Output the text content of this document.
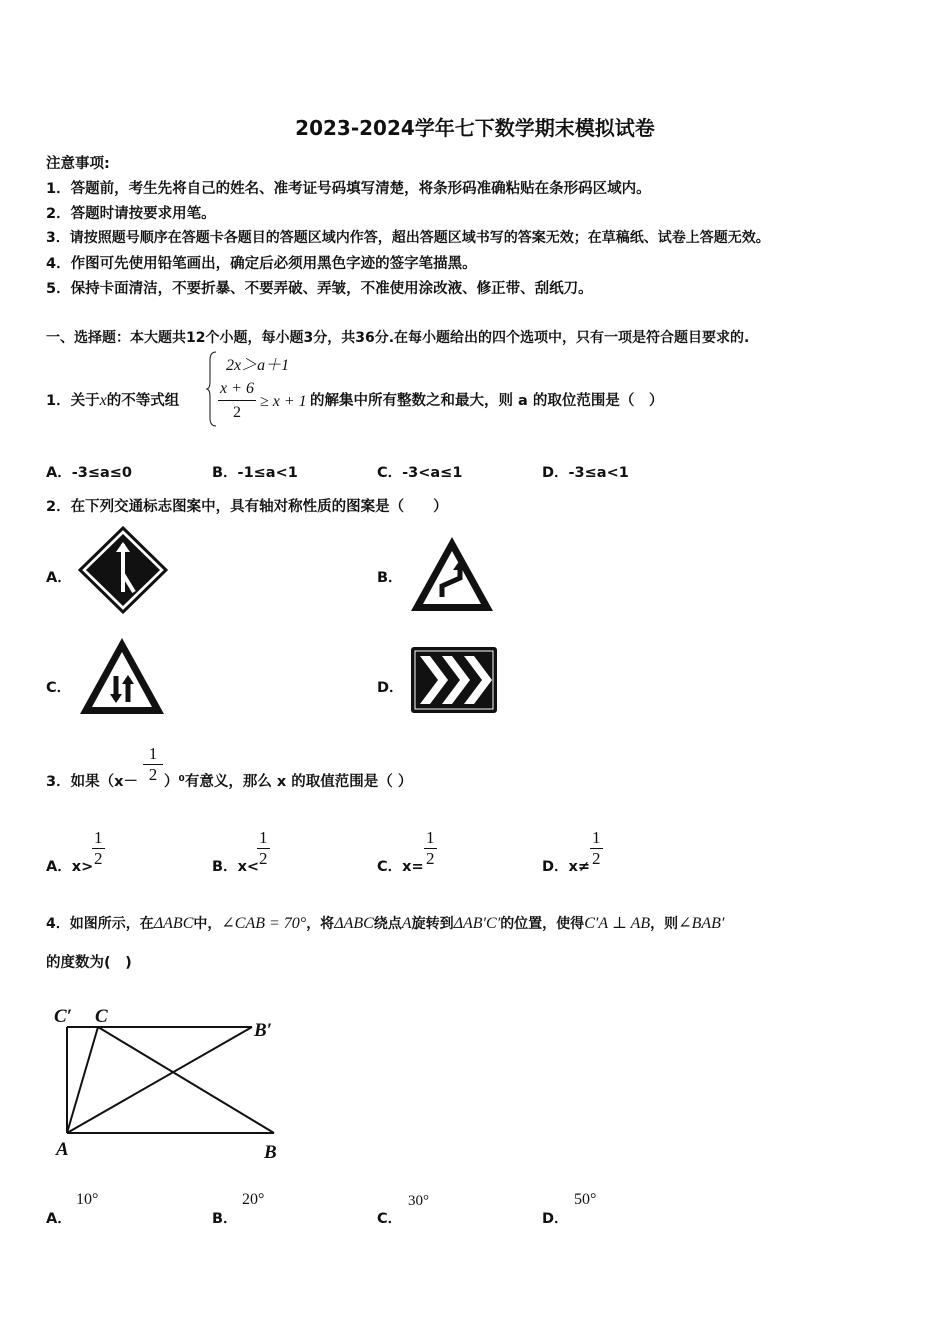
2023-2024学年七下数学期末模拟试卷
注意事项:
1．答题前，考生先将自己的姓名、准考证号码填写清楚，将条形码准确粘贴在条形码区域内。
2．答题时请按要求用笔。
3．请按照题号顺序在答题卡各题目的答题区域内作答，超出答题区域书写的答案无效；在草稿纸、试卷上答题无效。
4．作图可先使用铅笔画出，确定后必须用黑色字迹的签字笔描黑。
5．保持卡面清洁，不要折暴、不要弄破、弄皱，不准使用涂改液、修正带、刮纸刀。
一、选择题：本大题共12个小题，每小题3分，共36分.在每小题给出的四个选项中，只有一项是符合题目要求的.
1．关于x的不等式组
2x＞a＋1
x + 6
2
≥ x + 1 的解集中所有整数之和最大，则 a 的取位范围是（　）
A．-3≤a≤0	B．-1≤a<1	C．-3<a≤1	D．-3≤a<1
2．在下列交通标志图案中，具有轴对称性质的图案是（　　）
A．	B．
C．	D．
3．如果（x－
1
2 ）⁰有意义，那么 x 的取值范围是（ ）
A．x>
1
2	B．x<
1
2	C．x=
1
2	D．x≠
1
2
4．如图所示，在ΔABC中，∠CAB = 70°，将ΔABC绕点A旋转到ΔAB′C′的位置，使得C′A ⊥ AB，则∠BAB′
的度数为(　)
C′ C
B′
A	B
A．
10°
B．
20°
C．
30°
D．
50°
